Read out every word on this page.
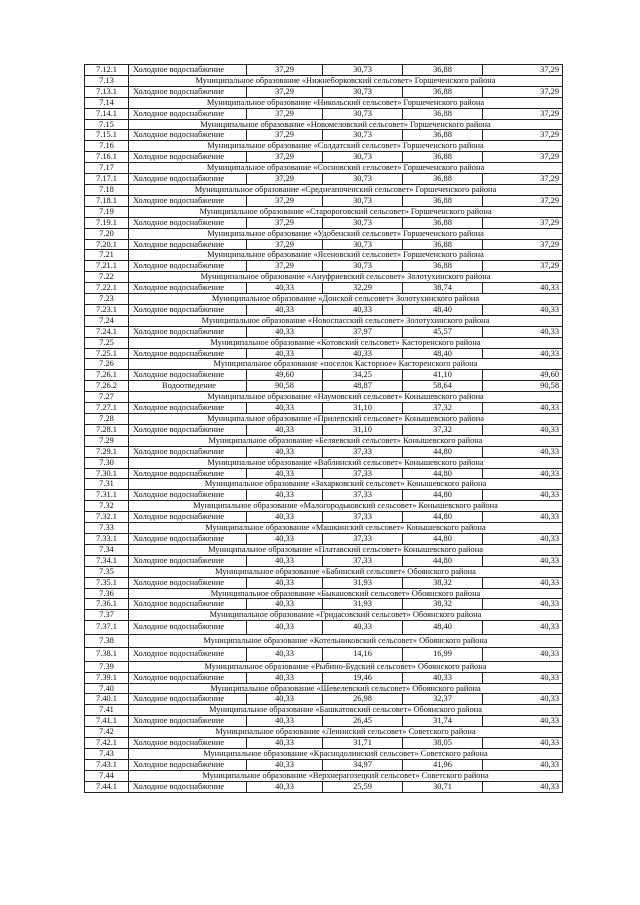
7.12.1	Холодное водоснабжение	37,29	30,73	36,88	37,29
7.13	Муниципальное образование «Нижнеборковский сельсовет» Горшеченского района				
7.13.1	Холодное водоснабжение	37,29	30,73	36,88	37,29
7.14	Муниципальное образование «Никольский сельсовет» Горшеченского района				
7.14.1	Холодное водоснабжение	37,29	30,73	36,88	37,29
7.15	Муниципальное образование «Новомеловский сельсовет» Горшеченского района				
7.15.1	Холодное водоснабжение	37,29	30,73	36,88	37,29
7.16	Муниципальное образование «Солдатский сельсовет» Горшеченского района				
7.16.1	Холодное водоснабжение	37,29	30,73	36,88	37,29
7.17	Муниципальное образование «Сосновский сельсовет» Горшеченского района				
7.17.1	Холодное водоснабжение	37,29	30,73	36,88	37,29
7.18	Муниципальное образование «Среднеапоченский сельсовет» Горшеченского района				
7.18.1	Холодное водоснабжение	37,29	30,73	36,88	37,29
7.19	Муниципальное образование «Старороговский сельсовет» Горшеченского района				
7.19.1	Холодное водоснабжение	37,29	30,73	36,88	37,29
7.20	Муниципальное образование «Удобенский сельсовет» Горшеченского района				
7.20.1	Холодное водоснабжение	37,29	30,73	36,88	37,29
7.21	Муниципальное образование «Ясеновский сельсовет» Горшеченского района				
7.21.1	Холодное водоснабжение	37,29	30,73	36,88	37,29
7.22	Муниципальное образование «Ануфриевский сельсовет» Золотухинского района				
7.22.1	Холодное водоснабжение	40,33	32,29	38,74	40,33
7.23	Муниципальное образование «Донской сельсовет» Золотухинского района				
7.23.1	Холодное водоснабжение	40,33	40,33	48,40	40,33
7.24	Муниципальное образование «Новоспасский сельсовет» Золотухинского района				
7.24.1	Холодное водоснабжение	40,33	37,97	45,57	40,33
7.25	Муниципальное образование «Котовский сельсовет» Касторенского района				
7.25.1	Холодное водоснабжение	40,33	40,33	48,40	40,33
7.26	Муниципальное образование «поселок Касторное» Касторенского района				
7.26.1	Холодное водоснабжение	49,60	34,25	41,10	49,60
7.26.2	Водоотведение	90,58	48,87	58,64	90,58
7.27	Муниципальное образование «Наумовский сельсовет» Конышевского района				
7.27.1	Холодное водоснабжение	40,33	31,10	37,32	40,33
7.28	Муниципальное образование «Прилепский сельсовет» Конышевского района				
7.28.1	Холодное водоснабжение	40,33	31,10	37,32	40,33
7.29	Муниципальное образование «Беляевский сельсовет» Конышевского района				
7.29.1	Холодное водоснабжение	40,33	37,33	44,80	40,33
7.30	Муниципальное образование «Ваблинский сельсовет» Конышевского района				
7.30.1	Холодное водоснабжение	40,33	37,33	44,80	40,33
7.31	Муниципальное образование «Захарковский сельсовет» Конышевского района				
7.31.1	Холодное водоснабжение	40,33	37,33	44,80	40,33
7.32	Муниципальное образование «Малогородьковский сельсовет» Конышевского района				
7.32.1	Холодное водоснабжение	40,33	37,33	44,80	40,33
7.33	Муниципальное образование «Машкинский сельсовет» Конышевского района				
7.33.1	Холодное водоснабжение	40,33	37,33	44,80	40,33
7.34	Муниципальное образование «Платавский сельсовет» Конышевского района				
7.34.1	Холодное водоснабжение	40,33	37,33	44,80	40,33
7.35	Муниципальное образование «Бабинский сельсовет» Обоянского района				
7.35.1	Холодное водоснабжение	40,33	31,93	38,32	40,33
7.36	Муниципальное образование «Быкановский сельсовет» Обоянского района				
7.36.1	Холодное водоснабжение	40,33	31,93	38,32	40,33
7.37	Муниципальное образование «Гридасовский сельсовет» Обоянского района				
7.37.1	Холодное водоснабжение	40,33	40,33	48,40	40,33
7.38	Муниципальное образование «Котельниковский сельсовет» Обоянского района				
7.38.1	Холодное водоснабжение	40,33	14,16	16,99	40,33
7.39	Муниципальное образование «Рыбино-Будский сельсовет» Обоянского района				
7.39.1	Холодное водоснабжение	40,33	19,46	40,33	40,33
7.40	Муниципальное образование «Шевелевский сельсовет» Обоянского района				
7.40.1	Холодное водоснабжение	40,33	26,98	32,37	40,33
7.41	Муниципальное образование «Башкатовский сельсовет» Обоянского района				
7.41.1	Холодное водоснабжение	40,33	26,45	31,74	40,33
7.42	Муниципальное образование «Ленинский сельсовет» Советского района				
7.42.1	Холодное водоснабжение	40,33	31,71	38,05	40,33
7.43	Муниципальное образование «Краснодолинский сельсовет» Советского района				
7.43.1	Холодное водоснабжение	40,33	34,97	41,96	40,33
7.44	Муниципальное образование «Верхнерагозецкий сельсовет» Советского района				
7.44.1	Холодное водоснабжение	40,33	25,59	30,71	40,33
